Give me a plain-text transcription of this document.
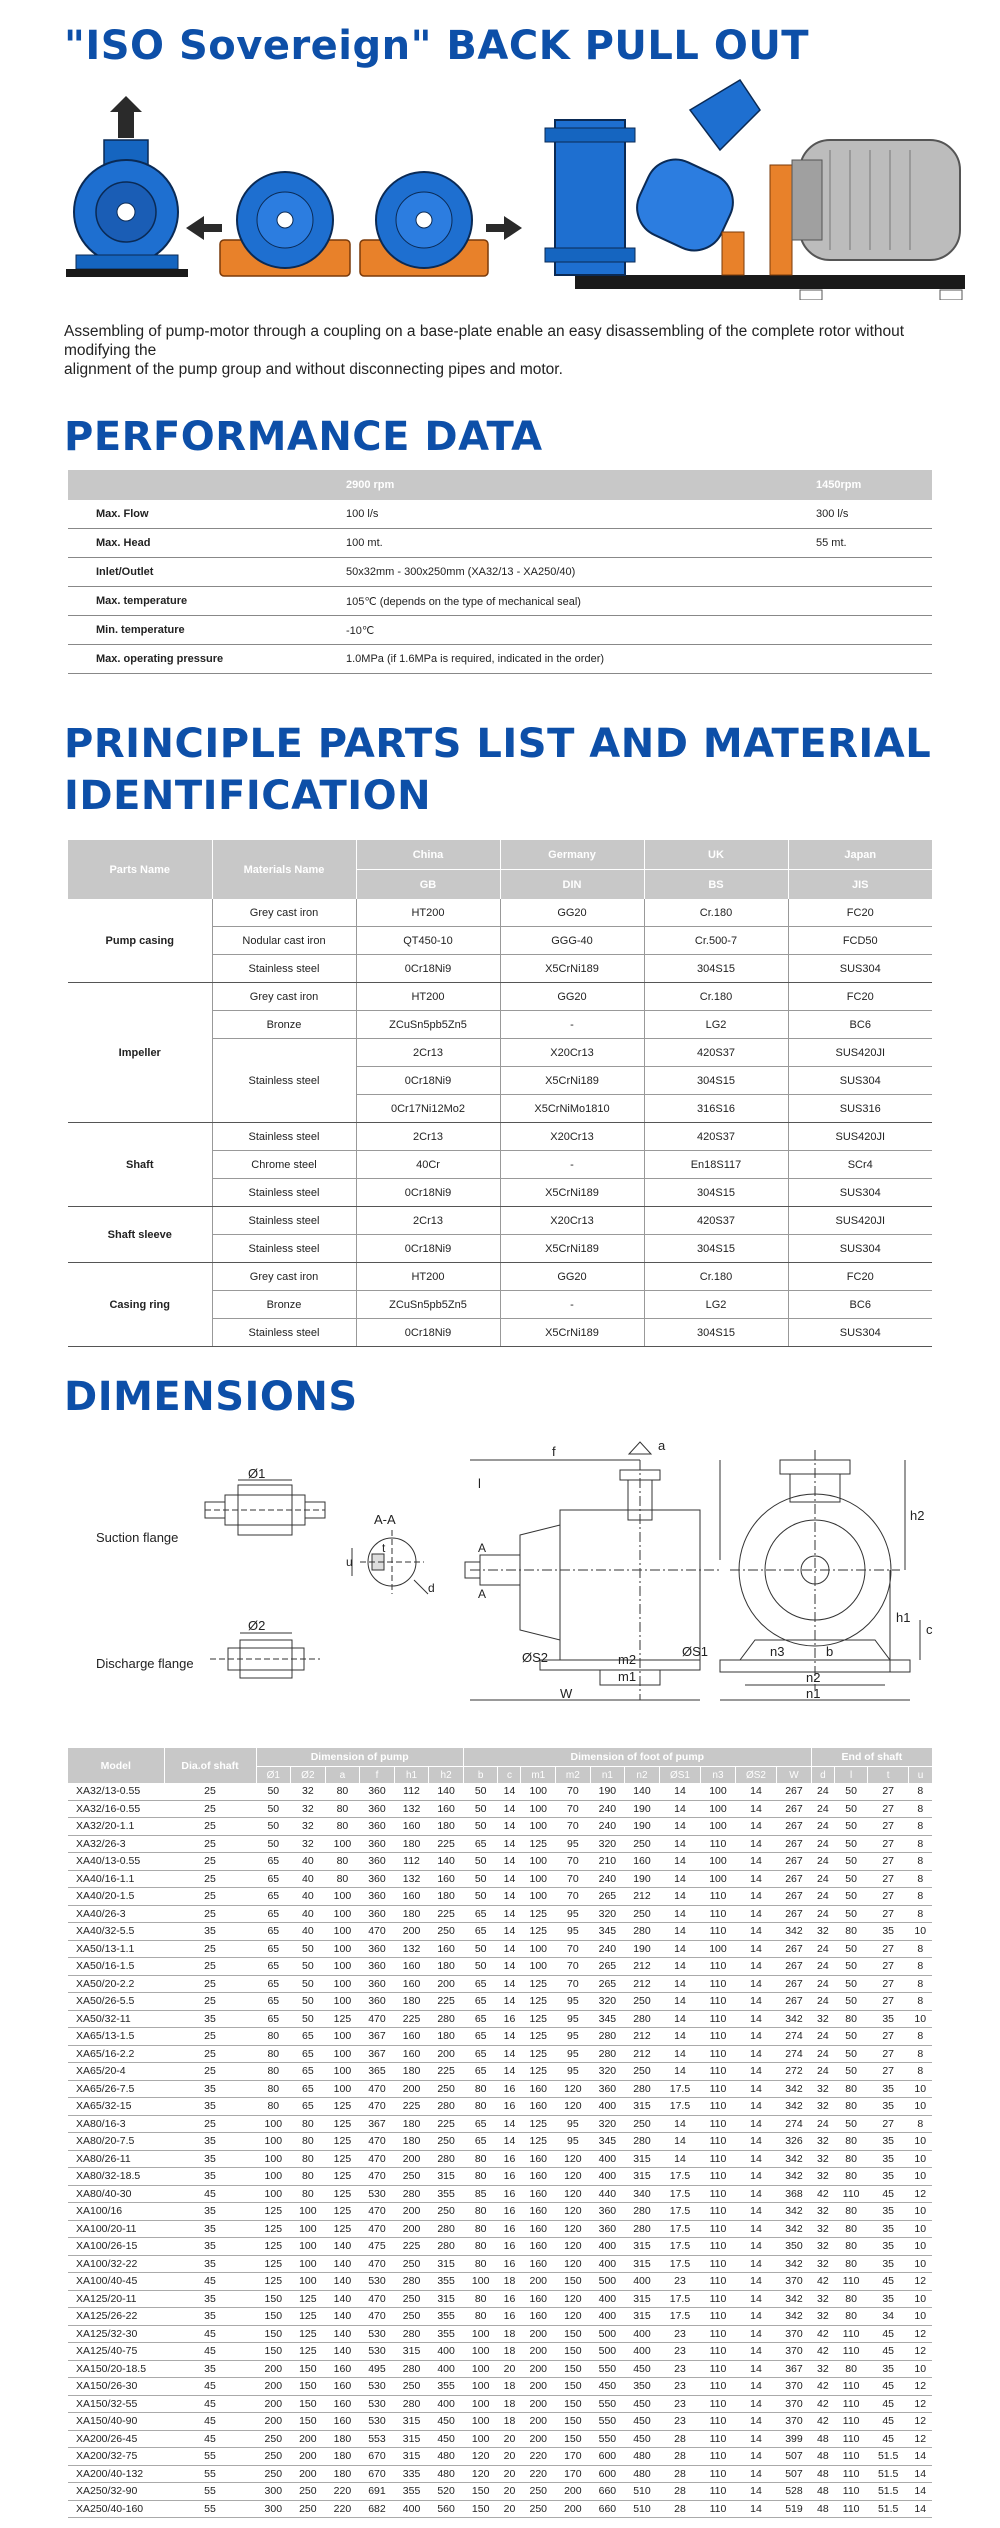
"ISO Sovereign" BACK PULL OUT
Assembling of pump-motor through a coupling on a base-plate enable an easy disassembling of the complete rotor without modifying the
alignment of the pump group and without disconnecting pipes and motor.
PERFORMANCE DATA
	2900 rpm	1450rpm
Max. Flow	100 l/s	300 l/s
Max. Head	100 mt.	55 mt.
Inlet/Outlet	50x32mm - 300x250mm (XA32/13 - XA250/40)	
Max. temperature	105℃ (depends on the type of mechanical seal)	
Min. temperature	-10℃	
Max. operating pressure	1.0MPa (if 1.6MPa is required, indicated in the order)	
PRINCIPLE PARTS LIST AND MATERIAL
IDENTIFICATION
Parts Name	Materials Name	China	Germany	UK	Japan
		GB	DIN	BS	JIS
Pump casing	Grey cast iron	HT200	GG20	Cr.180	FC20
	Nodular cast iron	QT450-10	GGG-40	Cr.500-7	FCD50
	Stainless steel	0Cr18Ni9	X5CrNi189	304S15	SUS304
Impeller	Grey cast iron	HT200	GG20	Cr.180	FC20
	Bronze	ZCuSn5pb5Zn5	-	LG2	BC6
	Stainless steel	2Cr13	X20Cr13	420S37	SUS420JI
		0Cr18Ni9	X5CrNi189	304S15	SUS304
		0Cr17Ni12Mo2	X5CrNiMo1810	316S16	SUS316
Shaft	Stainless steel	2Cr13	X20Cr13	420S37	SUS420JI
	Chrome steel	40Cr	-	En18S117	SCr4
	Stainless steel	0Cr18Ni9	X5CrNi189	304S15	SUS304
Shaft sleeve	Stainless steel	2Cr13	X20Cr13	420S37	SUS420JI
	Stainless steel	0Cr18Ni9	X5CrNi189	304S15	SUS304
Casing ring	Grey cast iron	HT200	GG20	Cr.180	FC20
	Bronze	ZCuSn5pb5Zn5	-	LG2	BC6
	Stainless steel	0Cr18Ni9	X5CrNi189	304S15	SUS304
DIMENSIONS
Suction flange
Discharge flange
Ø1
Ø2
A-A
a
f
l
A
A
u
t
d
h2
h1
c
ØS2	m2
m1
W
ØS1	n3	b
n2
n1
Model	Dia.of shaft	Dimension of pump						Dimension of foot of pump										End of shaft			
		Ø1	Ø2	a	f	h1	h2	b	c	m1	m2	n1	n2	ØS1	n3	ØS2	W	d	l	t	u
XA32/13-0.55	25	50	32	80	360	112	140	50	14	100	70	190	140	14	100	14	267	24	50	27	8
XA32/16-0.55	25	50	32	80	360	132	160	50	14	100	70	240	190	14	100	14	267	24	50	27	8
XA32/20-1.1	25	50	32	80	360	160	180	50	14	100	70	240	190	14	100	14	267	24	50	27	8
XA32/26-3	25	50	32	100	360	180	225	65	14	125	95	320	250	14	110	14	267	24	50	27	8
XA40/13-0.55	25	65	40	80	360	112	140	50	14	100	70	210	160	14	100	14	267	24	50	27	8
XA40/16-1.1	25	65	40	80	360	132	160	50	14	100	70	240	190	14	100	14	267	24	50	27	8
XA40/20-1.5	25	65	40	100	360	160	180	50	14	100	70	265	212	14	110	14	267	24	50	27	8
XA40/26-3	25	65	40	100	360	180	225	65	14	125	95	320	250	14	110	14	267	24	50	27	8
XA40/32-5.5	35	65	40	100	470	200	250	65	14	125	95	345	280	14	110	14	342	32	80	35	10
XA50/13-1.1	25	65	50	100	360	132	160	50	14	100	70	240	190	14	100	14	267	24	50	27	8
XA50/16-1.5	25	65	50	100	360	160	180	50	14	100	70	265	212	14	110	14	267	24	50	27	8
XA50/20-2.2	25	65	50	100	360	160	200	65	14	125	70	265	212	14	110	14	267	24	50	27	8
XA50/26-5.5	25	65	50	100	360	180	225	65	14	125	95	320	250	14	110	14	267	24	50	27	8
XA50/32-11	35	65	50	125	470	225	280	65	16	125	95	345	280	14	110	14	342	32	80	35	10
XA65/13-1.5	25	80	65	100	367	160	180	65	14	125	95	280	212	14	110	14	274	24	50	27	8
XA65/16-2.2	25	80	65	100	367	160	200	65	14	125	95	280	212	14	110	14	274	24	50	27	8
XA65/20-4	25	80	65	100	365	180	225	65	14	125	95	320	250	14	110	14	272	24	50	27	8
XA65/26-7.5	35	80	65	100	470	200	250	80	16	160	120	360	280	17.5	110	14	342	32	80	35	10
XA65/32-15	35	80	65	125	470	225	280	80	16	160	120	400	315	17.5	110	14	342	32	80	35	10
XA80/16-3	25	100	80	125	367	180	225	65	14	125	95	320	250	14	110	14	274	24	50	27	8
XA80/20-7.5	35	100	80	125	470	180	250	65	14	125	95	345	280	14	110	14	326	32	80	35	10
XA80/26-11	35	100	80	125	470	200	280	80	16	160	120	400	315	14	110	14	342	32	80	35	10
XA80/32-18.5	35	100	80	125	470	250	315	80	16	160	120	400	315	17.5	110	14	342	32	80	35	10
XA80/40-30	45	100	80	125	530	280	355	85	16	160	120	440	340	17.5	110	14	368	42	110	45	12
XA100/16	35	125	100	125	470	200	250	80	16	160	120	360	280	17.5	110	14	342	32	80	35	10
XA100/20-11	35	125	100	125	470	200	280	80	16	160	120	360	280	17.5	110	14	342	32	80	35	10
XA100/26-15	35	125	100	140	475	225	280	80	16	160	120	400	315	17.5	110	14	350	32	80	35	10
XA100/32-22	35	125	100	140	470	250	315	80	16	160	120	400	315	17.5	110	14	342	32	80	35	10
XA100/40-45	45	125	100	140	530	280	355	100	18	200	150	500	400	23	110	14	370	42	110	45	12
XA125/20-11	35	150	125	140	470	250	315	80	16	160	120	400	315	17.5	110	14	342	32	80	35	10
XA125/26-22	35	150	125	140	470	250	355	80	16	160	120	400	315	17.5	110	14	342	32	80	34	10
XA125/32-30	45	150	125	140	530	280	355	100	18	200	150	500	400	23	110	14	370	42	110	45	12
XA125/40-75	45	150	125	140	530	315	400	100	18	200	150	500	400	23	110	14	370	42	110	45	12
XA150/20-18.5	35	200	150	160	495	280	400	100	20	200	150	550	450	23	110	14	367	32	80	35	10
XA150/26-30	45	200	150	160	530	250	355	100	18	200	150	450	350	23	110	14	370	42	110	45	12
XA150/32-55	45	200	150	160	530	280	400	100	18	200	150	550	450	23	110	14	370	42	110	45	12
XA150/40-90	45	200	150	160	530	315	450	100	18	200	150	550	450	23	110	14	370	42	110	45	12
XA200/26-45	45	250	200	180	553	315	450	100	20	200	150	550	450	28	110	14	399	48	110	45	12
XA200/32-75	55	250	200	180	670	315	480	120	20	220	170	600	480	28	110	14	507	48	110	51.5	14
XA200/40-132	55	250	200	180	670	335	480	120	20	220	170	600	480	28	110	14	507	48	110	51.5	14
XA250/32-90	55	300	250	220	691	355	520	150	20	250	200	660	510	28	110	14	528	48	110	51.5	14
XA250/40-160	55	300	250	220	682	400	560	150	20	250	200	660	510	28	110	14	519	48	110	51.5	14
